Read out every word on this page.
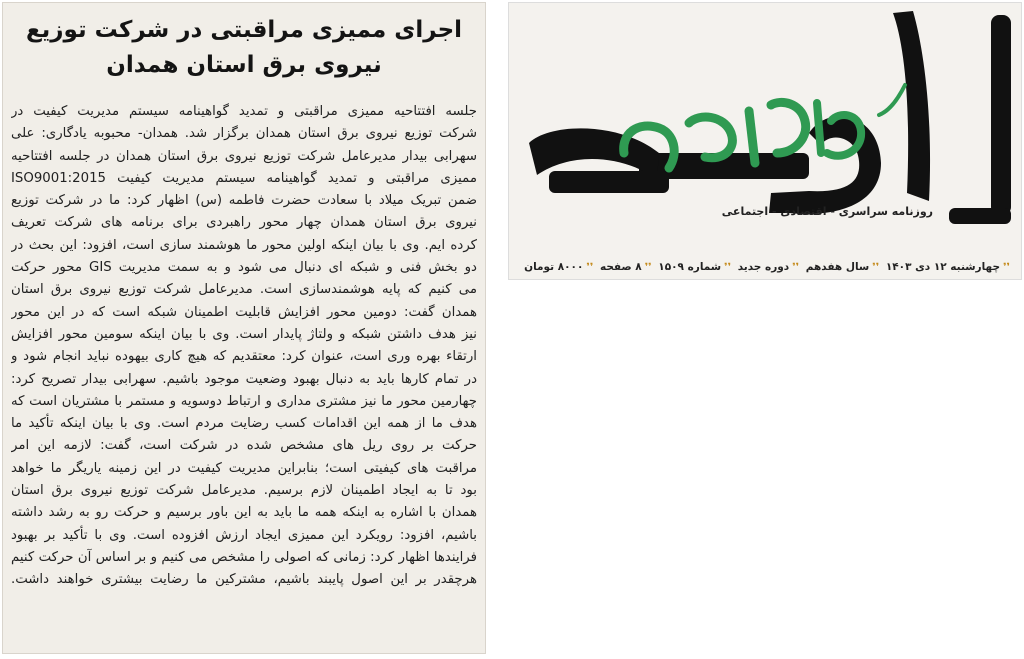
اجرای ممیزی مراقبتی در شرکت توزیع نیروی برق استان همدان
جلسه افتتاحیه ممیزی مراقبتی و تمدید گواهینامه سیستم مدیریت کیفیت در
شرکت توزیع نیروی برق استان همدان برگزار شد. همدان- محبوبه یادگاری: علی
سهرابی بیدار مدیرعامل شرکت توزیع نیروی برق استان همدان در جلسه افتتاحیه
ممیزی مراقبتی و تمدید گواهینامه سیستم مدیریت کیفیت ISO9001:2015
ضمن تبریک میلاد با سعادت حضرت فاطمه (س) اظهار کرد: ما در شرکت توزیع
نیروی برق استان همدان چهار محور راهبردی برای برنامه های شرکت تعریف
کرده ایم. وی با بیان اینکه اولین محور ما هوشمند سازی است، افزود: این بحث در
دو بخش فنی و شبکه ای دنبال می شود و به سمت مدیریت GIS محور حرکت
می کنیم که پایه هوشمندسازی است. مدیرعامل شرکت توزیع نیروی برق استان
همدان گفت: دومین محور افزایش قابلیت اطمینان شبکه است که در این محور
نیز هدف داشتن شبکه و ولتاژ پایدار است. وی با بیان اینکه سومین محور افزایش
ارتقاء بهره وری است، عنوان کرد: معتقدیم که هیچ کاری بیهوده نباید انجام شود و
در تمام کارها باید به دنبال بهبود وضعیت موجود باشیم. سهرابی بیدار تصریح کرد:
چهارمین محور ما نیز مشتری مداری و ارتباط دوسویه و مستمر با مشتریان است که
هدف ما از همه این اقدامات کسب رضایت مردم است. وی با بیان اینکه تأکید ما
حرکت بر روی ریل های مشخص شده در شرکت است، گفت: لازمه این امر
مراقبت های کیفیتی است؛ بنابراین مدیریت کیفیت در این زمینه یاریگر ما خواهد
بود تا به ایجاد اطمینان لازم برسیم. مدیرعامل شرکت توزیع نیروی برق استان
همدان با اشاره به اینکه همه ما باید به این باور برسیم و حرکت رو به رشد داشته
باشیم، افزود: رویکرد این ممیزی ایجاد ارزش افزوده است. وی با تأکید بر بهبود
فرایندها اظهار کرد: زمانی که اصولی را مشخص می کنیم و بر اساس آن حرکت کنیم
هرچقدر بر این اصول پایبند باشیم، مشترکین ما رضایت بیشتری خواهند داشت.
روزنامه سراسری - اقتصادی - اجتماعی
❜❜چهارشنبه ۱۲ دی ۱۴۰۳ ❜❜سال هفدهم ❜❜دوره جدید ❜❜شماره ۱۵۰۹ ❜❜۸ صفحه ❜❜۸۰۰۰ تومان
